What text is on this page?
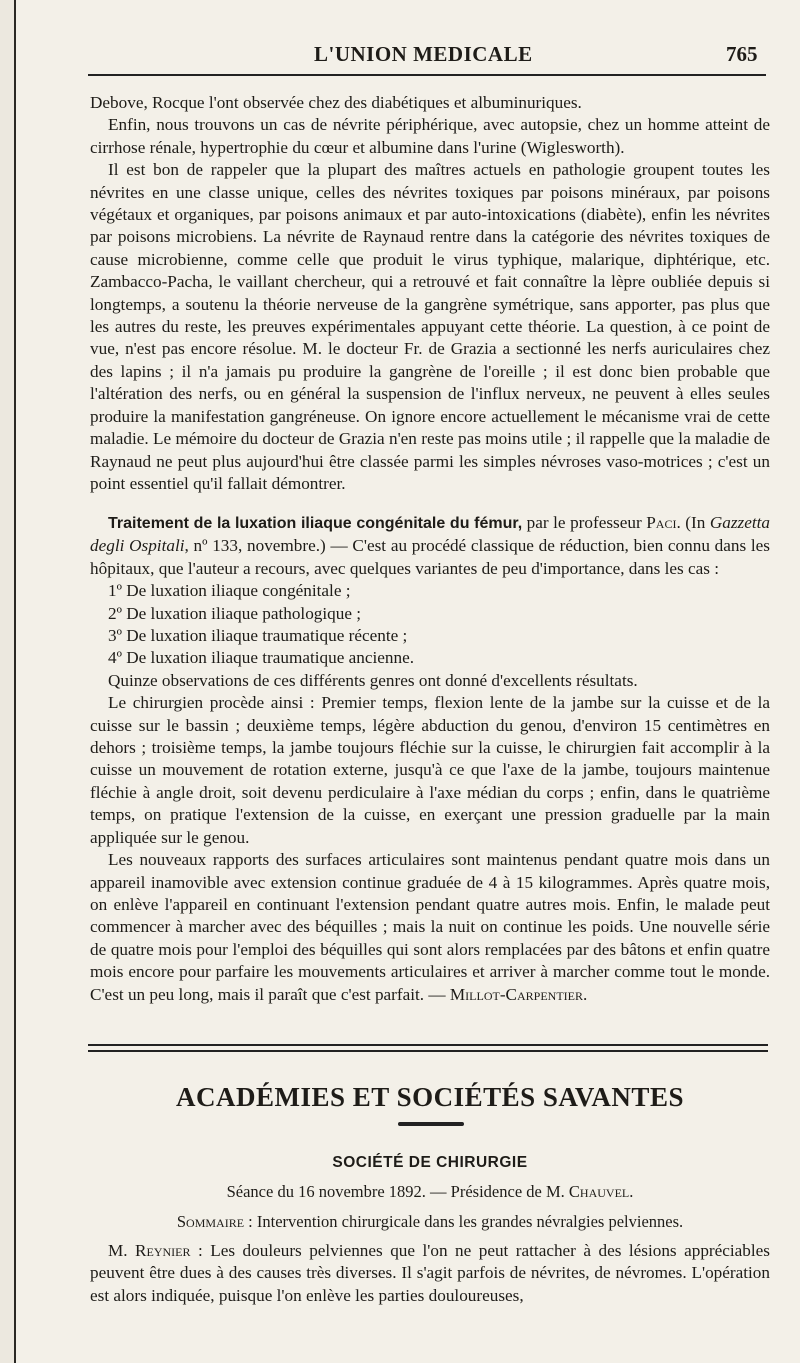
L'UNION MEDICALE	765

Debove, Rocque l'ont observée chez des diabétiques et albuminuriques.

Enfin, nous trouvons un cas de névrite périphérique, avec autopsie, chez un homme atteint de cirrhose rénale, hypertrophie du cœur et albumine dans l'urine (Wiglesworth).

Il est bon de rappeler que la plupart des maîtres actuels en pathologie groupent toutes les névrites en une classe unique, celles des névrites toxiques par poisons minéraux, par poisons végétaux et organiques, par poisons animaux et par auto-intoxications (diabète), enfin les névrites par poisons microbiens. La névrite de Raynaud rentre dans la catégorie des névrites toxiques de cause microbienne, comme celle que produit le virus typhique, malarique, diphtérique, etc. Zambacco-Pacha, le vaillant chercheur, qui a retrouvé et fait connaître la lèpre oubliée depuis si longtemps, a soutenu la théorie nerveuse de la gangrène symétrique, sans apporter, pas plus que les autres du reste, les preuves expérimentales appuyant cette théorie. La question, à ce point de vue, n'est pas encore résolue. M. le docteur Fr. de Grazia a sectionné les nerfs auriculaires chez des lapins ; il n'a jamais pu produire la gangrène de l'oreille ; il est donc bien probable que l'altération des nerfs, ou en général la suspension de l'influx nerveux, ne peuvent à elles seules produire la manifestation gangréneuse. On ignore encore actuellement le mécanisme vrai de cette maladie. Le mémoire du docteur de Grazia n'en reste pas moins utile ; il rappelle que la maladie de Raynaud ne peut plus aujourd'hui être classée parmi les simples névroses vaso-motrices ; c'est un point essentiel qu'il fallait démontrer.

Traitement de la luxation iliaque congénitale du fémur, par le professeur Paci. (In Gazzetta degli Ospitali, nº 133, novembre.) — C'est au procédé classique de réduction, bien connu dans les hôpitaux, que l'auteur a recours, avec quelques variantes de peu d'importance, dans les cas :

1º De luxation iliaque congénitale ;

2º De luxation iliaque pathologique ;

3º De luxation iliaque traumatique récente ;

4º De luxation iliaque traumatique ancienne.

Quinze observations de ces différents genres ont donné d'excellents résultats.

Le chirurgien procède ainsi : Premier temps, flexion lente de la jambe sur la cuisse et de la cuisse sur le bassin ; deuxième temps, légère abduction du genou, d'environ 15 centimètres en dehors ; troisième temps, la jambe toujours fléchie sur la cuisse, le chirurgien fait accomplir à la cuisse un mouvement de rotation externe, jusqu'à ce que l'axe de la jambe, toujours maintenue fléchie à angle droit, soit devenu perdiculaire à l'axe médian du corps ; enfin, dans le quatrième temps, on pratique l'extension de la cuisse, en exerçant une pression graduelle par la main appliquée sur le genou.

Les nouveaux rapports des surfaces articulaires sont maintenus pendant quatre mois dans un appareil inamovible avec extension continue graduée de 4 à 15 kilogrammes. Après quatre mois, on enlève l'appareil en continuant l'extension pendant quatre autres mois. Enfin, le malade peut commencer à marcher avec des béquilles ; mais la nuit on continue les poids. Une nouvelle série de quatre mois pour l'emploi des béquilles qui sont alors remplacées par des bâtons et enfin quatre mois encore pour parfaire les mouvements articulaires et arriver à marcher comme tout le monde. C'est un peu long, mais il paraît que c'est parfait. — Millot-Carpentier.

ACADÉMIES ET SOCIÉTÉS SAVANTES
SOCIÉTÉ DE CHIRURGIE
Séance du 16 novembre 1892. — Présidence de M. Chauvel.
Sommaire : Intervention chirurgicale dans les grandes névralgies pelviennes.

M. Reynier : Les douleurs pelviennes que l'on ne peut rattacher à des lésions appréciables peuvent être dues à des causes très diverses. Il s'agit parfois de névrites, de névromes. L'opération est alors indiquée, puisque l'on enlève les parties douloureuses,
